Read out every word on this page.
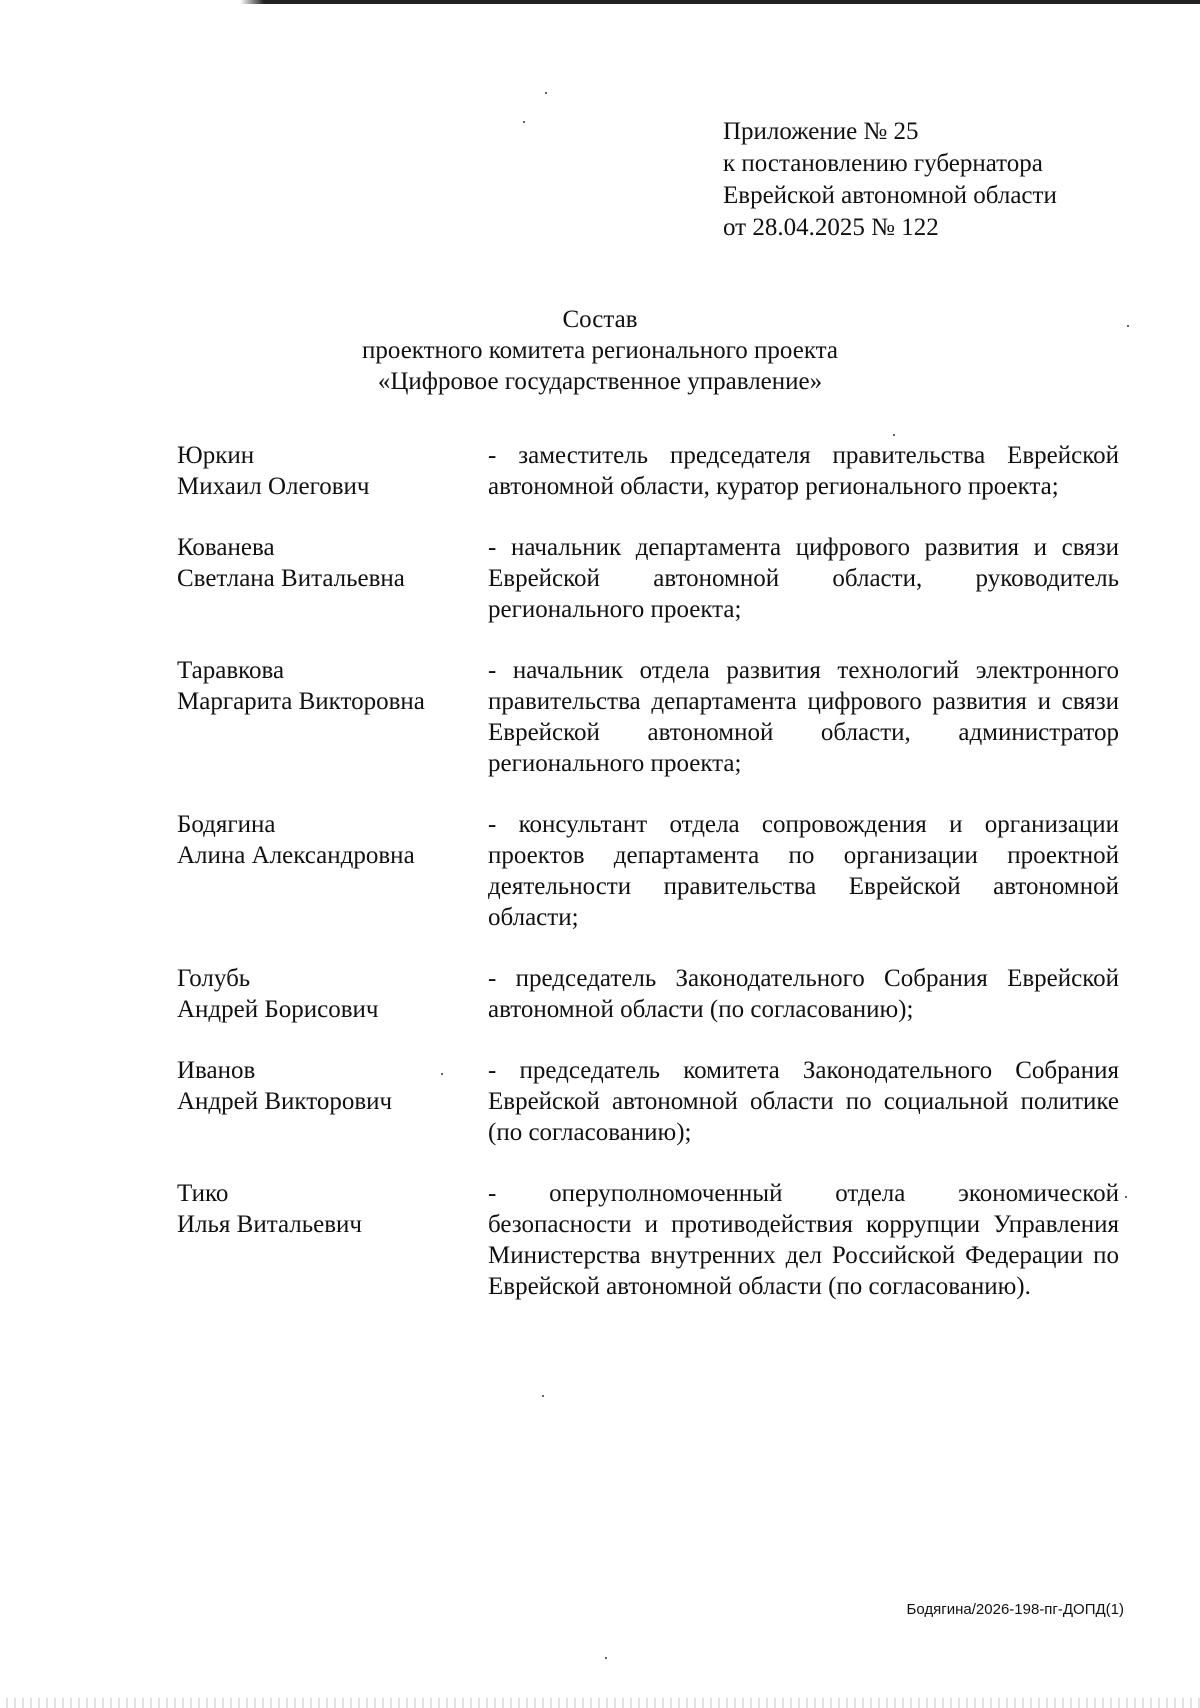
Приложение № 25
к постановлению губернатора
Еврейской автономной области
от 28.04.2025 № 122
Состав
проектного комитета регионального проекта
«Цифровое государственное управление»
Юркин
Михаил Олегович
- заместитель председателя правительства Еврейской автономной области, куратор регионального проекта;
Кованева
Светлана Витальевна
- начальник департамента цифрового развития и связи Еврейской автономной области, руководитель регионального проекта;
Таравкова
Маргарита Викторовна
- начальник отдела развития технологий электронного правительства департамента цифрового развития и связи Еврейской автономной области, администратор регионального проекта;
Бодягина
Алина Александровна
- консультант отдела сопровождения и организации проектов департамента по организации проектной деятельности правительства Еврейской автономной области;
Голубь
Андрей Борисович
- председатель Законодательного Собрания Еврейской автономной области (по согласованию);
Иванов
Андрей Викторович
- председатель комитета Законодательного Собрания Еврейской автономной области по социальной политике (по согласованию);
Тико
Илья Витальевич
- оперуполномоченный отдела экономической безопасности и противодействия коррупции Управления Министерства внутренних дел Российской Федерации по Еврейской автономной области (по согласованию).
Бодягина/2026-198-пг-ДОПД(1)
